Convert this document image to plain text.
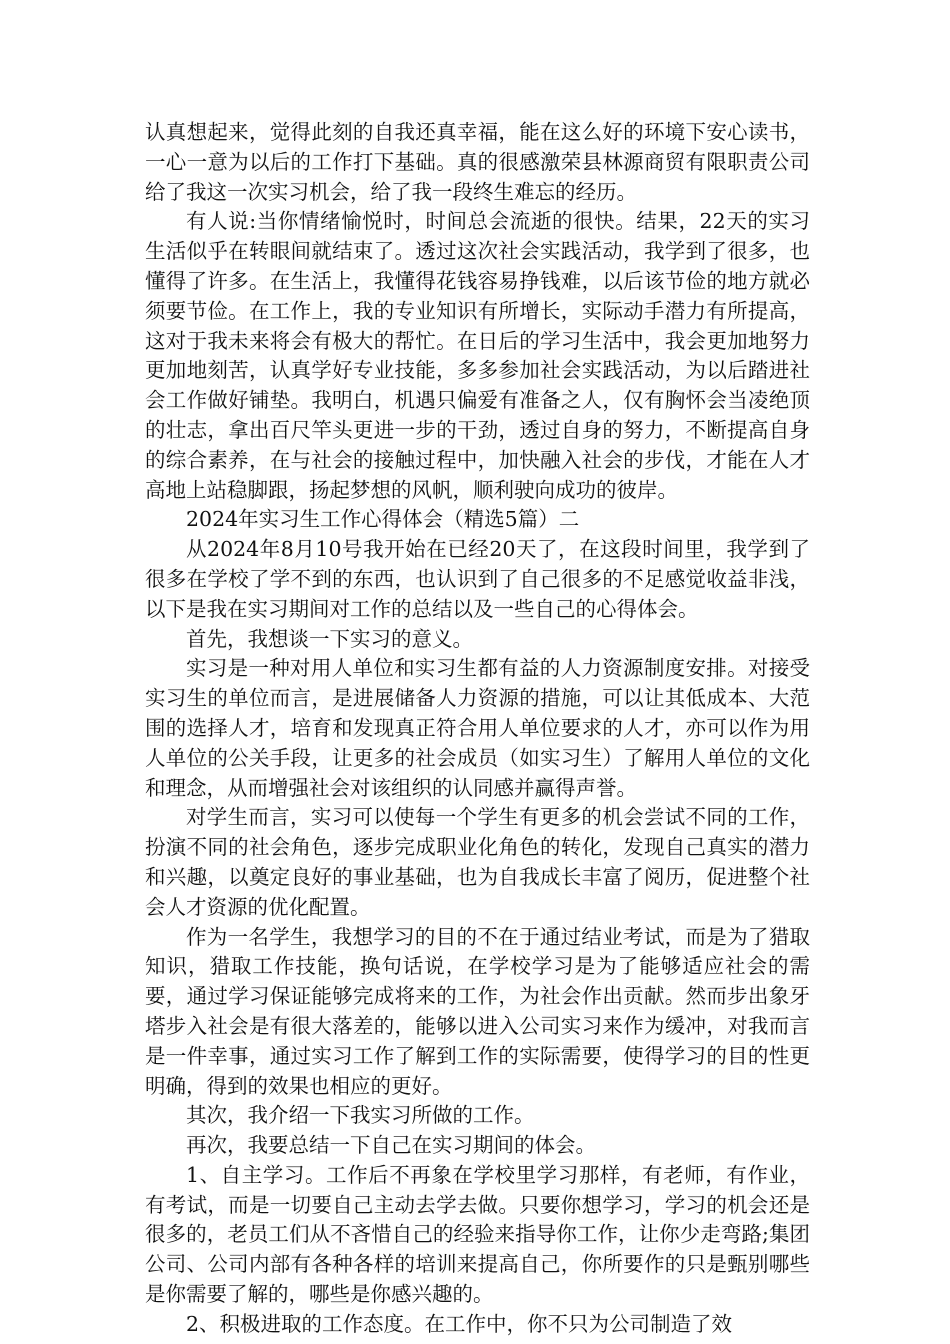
认真想起来，觉得此刻的自我还真幸福，能在这么好的环境下安心读书，一心一意为以后的工作打下基础。真的很感激荣县林源商贸有限职责公司给了我这一次实习机会，给了我一段终生难忘的经历。

有人说:当你情绪愉悦时，时间总会流逝的很快。结果，22天的实习生活似乎在转眼间就结束了。透过这次社会实践活动，我学到了很多，也懂得了许多。在生活上，我懂得花钱容易挣钱难，以后该节俭的地方就必须要节俭。在工作上，我的专业知识有所增长，实际动手潜力有所提高，这对于我未来将会有极大的帮忙。在日后的学习生活中，我会更加地努力更加地刻苦，认真学好专业技能，多多参加社会实践活动，为以后踏进社会工作做好铺垫。我明白，机遇只偏爱有准备之人，仅有胸怀会当凌绝顶的壮志，拿出百尺竿头更进一步的干劲，透过自身的努力，不断提高自身的综合素养，在与社会的接触过程中，加快融入社会的步伐，才能在人才高地上站稳脚跟，扬起梦想的风帆，顺利驶向成功的彼岸。

2024年实习生工作心得体会（精选5篇）二

从2024年8月10号我开始在已经20天了，在这段时间里，我学到了很多在学校了学不到的东西，也认识到了自己很多的不足感觉收益非浅，以下是我在实习期间对工作的总结以及一些自己的心得体会。

首先，我想谈一下实习的意义。

实习是一种对用人单位和实习生都有益的人力资源制度安排。对接受实习生的单位而言，是进展储备人力资源的措施，可以让其低成本、大范围的选择人才，培育和发现真正符合用人单位要求的人才，亦可以作为用人单位的公关手段，让更多的社会成员（如实习生）了解用人单位的文化和理念，从而增强社会对该组织的认同感并赢得声誉。

对学生而言，实习可以使每一个学生有更多的机会尝试不同的工作，扮演不同的社会角色，逐步完成职业化角色的转化，发现自己真实的潜力和兴趣，以奠定良好的事业基础，也为自我成长丰富了阅历，促进整个社会人才资源的优化配置。

作为一名学生，我想学习的目的不在于通过结业考试，而是为了猎取知识，猎取工作技能，换句话说，在学校学习是为了能够适应社会的需要，通过学习保证能够完成将来的工作，为社会作出贡献。然而步出象牙塔步入社会是有很大落差的，能够以进入公司实习来作为缓冲，对我而言是一件幸事，通过实习工作了解到工作的实际需要，使得学习的目的性更明确，得到的效果也相应的更好。

其次，我介绍一下我实习所做的工作。

再次，我要总结一下自己在实习期间的体会。

1、自主学习。工作后不再象在学校里学习那样，有老师，有作业，有考试，而是一切要自己主动去学去做。只要你想学习，学习的机会还是很多的，老员工们从不吝惜自己的经验来指导你工作，让你少走弯路;集团公司、公司内部有各种各样的培训来提高自己，你所要作的只是甄别哪些是你需要了解的，哪些是你感兴趣的。

2、积极进取的工作态度。在工作中，你不只为公司制造了效
